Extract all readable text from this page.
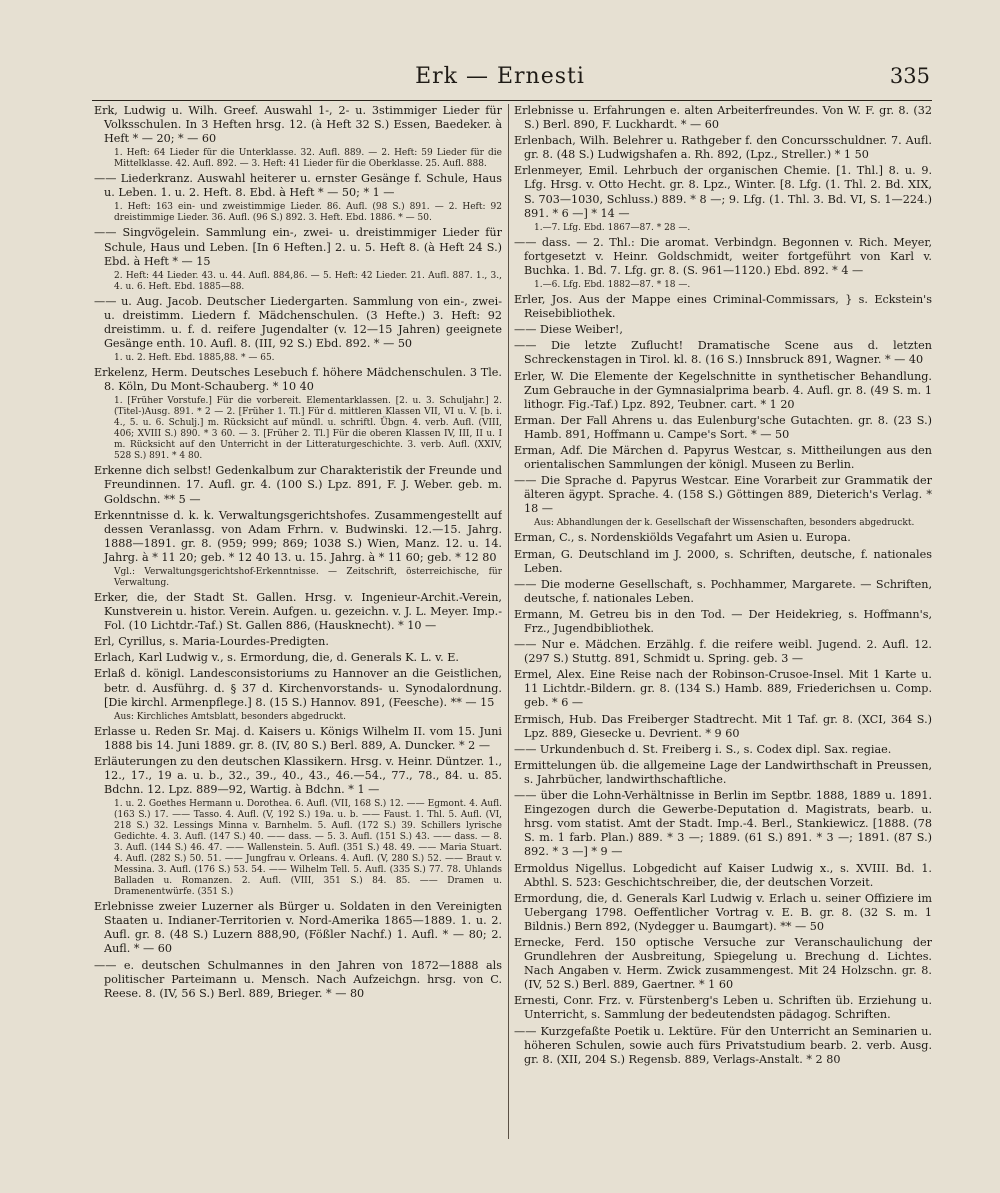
Erk — Ernesti	335
Erk, Ludwig u. Wilh. Greef. Auswahl 1-, 2- u. 3stimmiger Lieder für Volksschulen. In 3 Heften hrsg. 12. (à Heft 32 S.) Essen, Baedeker. à Heft * — 20; * — 60
1. Heft: 64 Lieder für die Unterklasse. 32. Aufl. 889. — 2. Heft: 59 Lieder für die Mittelklasse. 42. Aufl. 892. — 3. Heft: 41 Lieder für die Oberklasse. 25. Aufl. 888.
—— Liederkranz. Auswahl heiterer u. ernster Gesänge f. Schule, Haus u. Leben. 1. u. 2. Heft. 8. Ebd. à Heft * — 50; * 1 —
1. Heft: 163 ein- und zweistimmige Lieder. 86. Aufl. (98 S.) 891. — 2. Heft: 92 dreistimmige Lieder. 36. Aufl. (96 S.) 892. 3. Heft. Ebd. 1886. * — 50.
—— Singvögelein. Sammlung ein-, zwei- u. dreistimmiger Lieder für Schule, Haus und Leben. [In 6 Heften.] 2. u. 5. Heft 8. (à Heft 24 S.) Ebd. à Heft * — 15
2. Heft: 44 Lieder. 43. u. 44. Aufl. 884,86. — 5. Heft: 42 Lieder. 21. Aufl. 887. 1., 3., 4. u. 6. Heft. Ebd. 1885—88.
—— u. Aug. Jacob. Deutscher Liedergarten. Sammlung von ein-, zwei- u. dreistimm. Liedern f. Mädchenschulen. (3 Hefte.) 3. Heft: 92 dreistimm. u. f. d. reifere Jugendalter (v. 12—15 Jahren) geeignete Gesänge enth. 10. Aufl. 8. (III, 92 S.) Ebd. 892. * — 50
1. u. 2. Heft. Ebd. 1885,88. * — 65.
Erkelenz, Herm. Deutsches Lesebuch f. höhere Mädchenschulen. 3 Tle. 8. Köln, Du Mont-Schauberg. * 10 40
1. [Früher Vorstufe.] Für die vorbereit. Elementarklassen. [2. u. 3. Schuljahr.] 2. (Titel-)Ausg. 891. * 2 — 2. [Früher 1. Tl.] Für d. mittleren Klassen VII, VI u. V. [b. i. 4., 5. u. 6. Schulj.] m. Rücksicht auf mündl. u. schriftl. Übgn. 4. verb. Aufl. (VIII, 406; XVIII S.) 890. * 3 60. — 3. [Früher 2. Tl.] Für die oberen Klassen IV, III, II u. I m. Rücksicht auf den Unterricht in der Litteraturgeschichte. 3. verb. Aufl. (XXIV, 528 S.) 891. * 4 80.
Erkenne dich selbst! Gedenkalbum zur Charakteristik der Freunde und Freundinnen. 17. Aufl. gr. 4. (100 S.) Lpz. 891, F. J. Weber. geb. m. Goldschn. ** 5 —
Erkenntnisse d. k. k. Verwaltungsgerichtshofes. Zusammengestellt auf dessen Veranlassg. von Adam Frhrn. v. Budwinski. 12.—15. Jahrg. 1888—1891. gr. 8. (959; 999; 869; 1038 S.) Wien, Manz. 12. u. 14. Jahrg. à * 11 20; geb. * 12 40 13. u. 15. Jahrg. à * 11 60; geb. * 12 80
Vgl.: Verwaltungsgerichtshof-Erkenntnisse. — Zeitschrift, österreichische, für Verwaltung.
Erker, die, der Stadt St. Gallen. Hrsg. v. Ingenieur-Archit.-Verein, Kunstverein u. histor. Verein. Aufgen. u. gezeichn. v. J. L. Meyer. Imp.-Fol. (10 Lichtdr.-Taf.) St. Gallen 886, (Hausknecht). * 10 —
Erl, Cyrillus, s. Maria-Lourdes-Predigten.
Erlach, Karl Ludwig v., s. Ermordung, die, d. Generals K. L. v. E.
Erlaß d. königl. Landesconsistoriums zu Hannover an die Geistlichen, betr. d. Ausführg. d. § 37 d. Kirchenvorstands- u. Synodalordnung. [Die kirchl. Armenpflege.] 8. (15 S.) Hannov. 891, (Feesche). ** — 15
Aus: Kirchliches Amtsblatt, besonders abgedruckt.
Erlasse u. Reden Sr. Maj. d. Kaisers u. Königs Wilhelm II. vom 15. Juni 1888 bis 14. Juni 1889. gr. 8. (IV, 80 S.) Berl. 889, A. Duncker. * 2 —
Erläuterungen zu den deutschen Klassikern. Hrsg. v. Heinr. Düntzer. 1., 12., 17., 19 a. u. b., 32., 39., 40., 43., 46.—54., 77., 78., 84. u. 85. Bdchn. 12. Lpz. 889—92, Wartig. à Bdchn. * 1 —
1. u. 2. Goethes Hermann u. Dorothea. 6. Aufl. (VII, 168 S.) 12. —— Egmont. 4. Aufl. (163 S.) 17. —— Tasso. 4. Aufl. (V, 192 S.) 19a. u. b. —— Faust. 1. Thl. 5. Aufl. (VI, 218 S.) 32. Lessings Minna v. Barnhelm. 5. Aufl. (172 S.) 39. Schillers lyrische Gedichte. 4. 3. Aufl. (147 S.) 40. —— dass. — 5. 3. Aufl. (151 S.) 43. —— dass. — 8. 3. Aufl. (144 S.) 46. 47. —— Wallenstein. 5. Aufl. (351 S.) 48. 49. —— Maria Stuart. 4. Aufl. (282 S.) 50. 51. —— Jungfrau v. Orleans. 4. Aufl. (V, 280 S.) 52. —— Braut v. Messina. 3. Aufl. (176 S.) 53. 54. —— Wilhelm Tell. 5. Aufl. (335 S.) 77. 78. Uhlands Balladen u. Romanzen. 2. Aufl. (VIII, 351 S.) 84. 85. —— Dramen u. Dramenentwürfe. (351 S.)
Erlebnisse zweier Luzerner als Bürger u. Soldaten in den Vereinigten Staaten u. Indianer-Territorien v. Nord-Amerika 1865—1889. 1. u. 2. Aufl. gr. 8. (48 S.) Luzern 888,90, (Fößler Nachf.) 1. Aufl. * — 80; 2. Aufl. * — 60
—— e. deutschen Schulmannes in den Jahren von 1872—1888 als politischer Parteimann u. Mensch. Nach Aufzeichgn. hrsg. von C. Reese. 8. (IV, 56 S.) Berl. 889, Brieger. * — 80
Erlebnisse u. Erfahrungen e. alten Arbeiterfreundes. Von W. F. gr. 8. (32 S.) Berl. 890, F. Luckhardt. * — 60
Erlenbach, Wilh. Belehrer u. Rathgeber f. den Concursschuldner. 7. Aufl. gr. 8. (48 S.) Ludwigshafen a. Rh. 892, (Lpz., Streller.) * 1 50
Erlenmeyer, Emil. Lehrbuch der organischen Chemie. [1. Thl.] 8. u. 9. Lfg. Hrsg. v. Otto Hecht. gr. 8. Lpz., Winter. [8. Lfg. (1. Thl. 2. Bd. XIX, S. 703—1030, Schluss.) 889. * 8 —; 9. Lfg. (1. Thl. 3. Bd. VI, S. 1—224.) 891. * 6 —] * 14 —
1.—7. Lfg. Ebd. 1867—87. * 28 —.
—— dass. — 2. Thl.: Die aromat. Verbindgn. Begonnen v. Rich. Meyer, fortgesetzt v. Heinr. Goldschmidt, weiter fortgeführt von Karl v. Buchka. 1. Bd. 7. Lfg. gr. 8. (S. 961—1120.) Ebd. 892. * 4 —
1.—6. Lfg. Ebd. 1882—87. * 18 —.
Erler, Jos. Aus der Mappe eines Criminal-Commissars, } s. Eckstein's Reisebibliothek.
—— Diese Weiber!,
—— Die letzte Zuflucht! Dramatische Scene aus d. letzten Schreckenstagen in Tirol. kl. 8. (16 S.) Innsbruck 891, Wagner. * — 40
Erler, W. Die Elemente der Kegelschnitte in synthetischer Behandlung. Zum Gebrauche in der Gymnasialprima bearb. 4. Aufl. gr. 8. (49 S. m. 1 lithogr. Fig.-Taf.) Lpz. 892, Teubner. cart. * 1 20
Erman. Der Fall Ahrens u. das Eulenburg'sche Gutachten. gr. 8. (23 S.) Hamb. 891, Hoffmann u. Campe's Sort. * — 50
Erman, Adf. Die Märchen d. Papyrus Westcar, s. Mittheilungen aus den orientalischen Sammlungen der königl. Museen zu Berlin.
—— Die Sprache d. Papyrus Westcar. Eine Vorarbeit zur Grammatik der älteren ägypt. Sprache. 4. (158 S.) Göttingen 889, Dieterich's Verlag. * 18 —
Aus: Abhandlungen der k. Gesellschaft der Wissenschaften, besonders abgedruckt.
Erman, C., s. Nordenskiölds Vegafahrt um Asien u. Europa.
Erman, G. Deutschland im J. 2000, s. Schriften, deutsche, f. nationales Leben.
—— Die moderne Gesellschaft, s. Pochhammer, Margarete. — Schriften, deutsche, f. nationales Leben.
Ermann, M. Getreu bis in den Tod. — Der Heidekrieg, s. Hoffmann's, Frz., Jugendbibliothek.
—— Nur e. Mädchen. Erzählg. f. die reifere weibl. Jugend. 2. Aufl. 12. (297 S.) Stuttg. 891, Schmidt u. Spring. geb. 3 —
Ermel, Alex. Eine Reise nach der Robinson-Crusoe-Insel. Mit 1 Karte u. 11 Lichtdr.-Bildern. gr. 8. (134 S.) Hamb. 889, Friederichsen u. Comp. geb. * 6 —
Ermisch, Hub. Das Freiberger Stadtrecht. Mit 1 Taf. gr. 8. (XCI, 364 S.) Lpz. 889, Giesecke u. Devrient. * 9 60
—— Urkundenbuch d. St. Freiberg i. S., s. Codex dipl. Sax. regiae.
Ermittelungen üb. die allgemeine Lage der Landwirthschaft in Preussen, s. Jahrbücher, landwirthschaftliche.
—— über die Lohn-Verhältnisse in Berlin im Septbr. 1888, 1889 u. 1891. Eingezogen durch die Gewerbe-Deputation d. Magistrats, bearb. u. hrsg. vom statist. Amt der Stadt. Imp.-4. Berl., Stankiewicz. [1888. (78 S. m. 1 farb. Plan.) 889. * 3 —; 1889. (61 S.) 891. * 3 —; 1891. (87 S.) 892. * 3 —] * 9 —
Ermoldus Nigellus. Lobgedicht auf Kaiser Ludwig x., s. XVIII. Bd. 1. Abthl. S. 523: Geschichtschreiber, die, der deutschen Vorzeit.
Ermordung, die, d. Generals Karl Ludwig v. Erlach u. seiner Offiziere im Uebergang 1798. Oeffentlicher Vortrag v. E. B. gr. 8. (32 S. m. 1 Bildnis.) Bern 892, (Nydegger u. Baumgart). ** — 50
Ernecke, Ferd. 150 optische Versuche zur Veranschaulichung der Grundlehren der Ausbreitung, Spiegelung u. Brechung d. Lichtes. Nach Angaben v. Herm. Zwick zusammengest. Mit 24 Holzschn. gr. 8. (IV, 52 S.) Berl. 889, Gaertner. * 1 60
Ernesti, Conr. Frz. v. Fürstenberg's Leben u. Schriften üb. Erziehung u. Unterricht, s. Sammlung der bedeutendsten pädagog. Schriften.
—— Kurzgefaßte Poetik u. Lektüre. Für den Unterricht an Seminarien u. höheren Schulen, sowie auch fürs Privatstudium bearb. 2. verb. Ausg. gr. 8. (XII, 204 S.) Regensb. 889, Verlags-Anstalt. * 2 80
